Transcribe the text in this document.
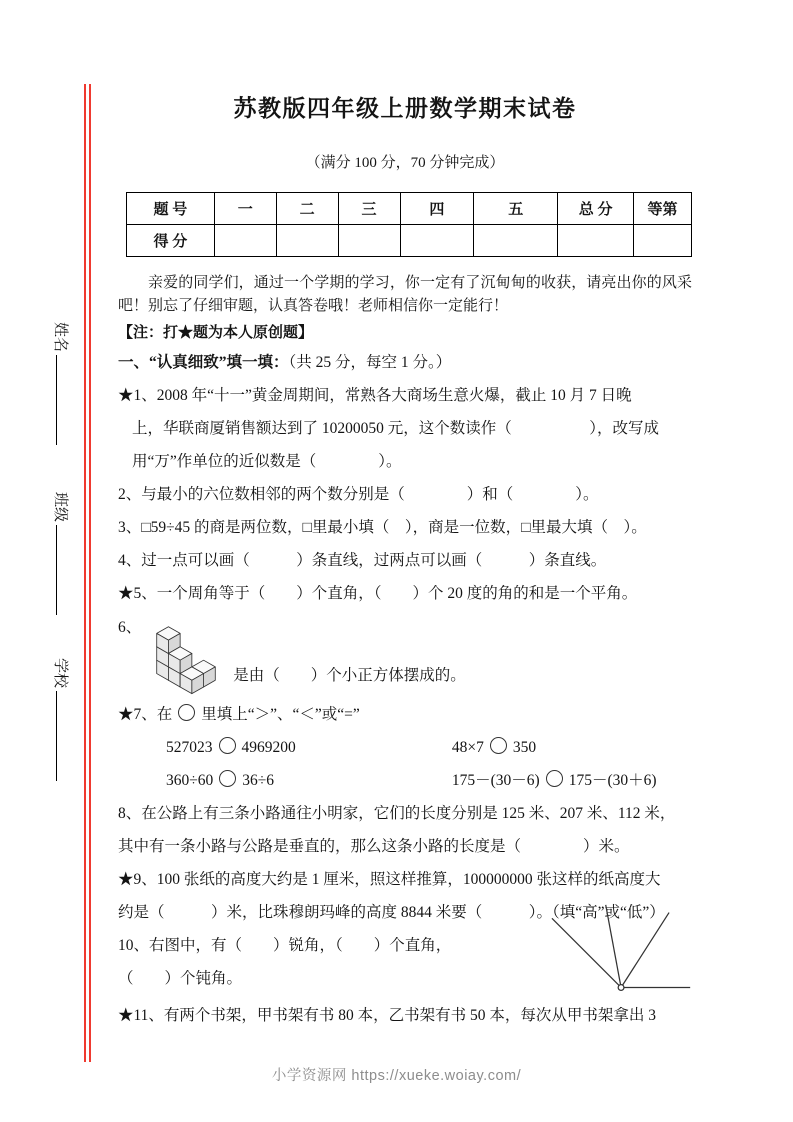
姓名
班级
学校
苏教版四年级上册数学期末试卷
（满分 100 分，70 分钟完成）
题 号	一	二	三	四	五	总 分	等第
得 分							
亲爱的同学们，通过一个学期的学习，你一定有了沉甸甸的收获，请亮出你的风采吧！别忘了仔细审题，认真答卷哦！老师相信你一定能行！
【注：打★题为本人原创题】
一、“认真细致”填一填：（共 25 分，每空 1 分。）
★1、2008 年“十一”黄金周期间，常熟各大商场生意火爆，截止 10 月 7 日晚
上，华联商厦销售额达到了 10200050 元，这个数读作（　　　　　），改写成
用“万”作单位的近似数是（　　　　）。
2、与最小的六位数相邻的两个数分别是（　　　　）和（　　　　）。
3、□59÷45 的商是两位数，□里最小填（　），商是一位数，□里最大填（　）。
4、过一点可以画（　　　）条直线，过两点可以画（　　　）条直线。
★5、一个周角等于（　　）个直角，（　　）个 20 度的角的和是一个平角。
6、
是由（　　）个小正方体摆成的。
★7、在 里填上“＞”、“＜”或“=”
527023 4969200	48×7 350
360÷60 36÷6	175－(30－6) 175－(30＋6)
8、在公路上有三条小路通往小明家，它们的长度分别是 125 米、207 米、112 米，
其中有一条小路与公路是垂直的，那么这条小路的长度是（　　　　）米。
★9、100 张纸的高度大约是 1 厘米，照这样推算，100000000 张这样的纸高度大
约是（　　　）米，比珠穆朗玛峰的高度 8844 米要（　　　）。（填“高”或“低”）
10、右图中，有（　　）锐角，（　　）个直角，
（　　）个钝角。
★11、有两个书架，甲书架有书 80 本，乙书架有书 50 本，每次从甲书架拿出 3
小学资源网 https://xueke.woiay.com/
